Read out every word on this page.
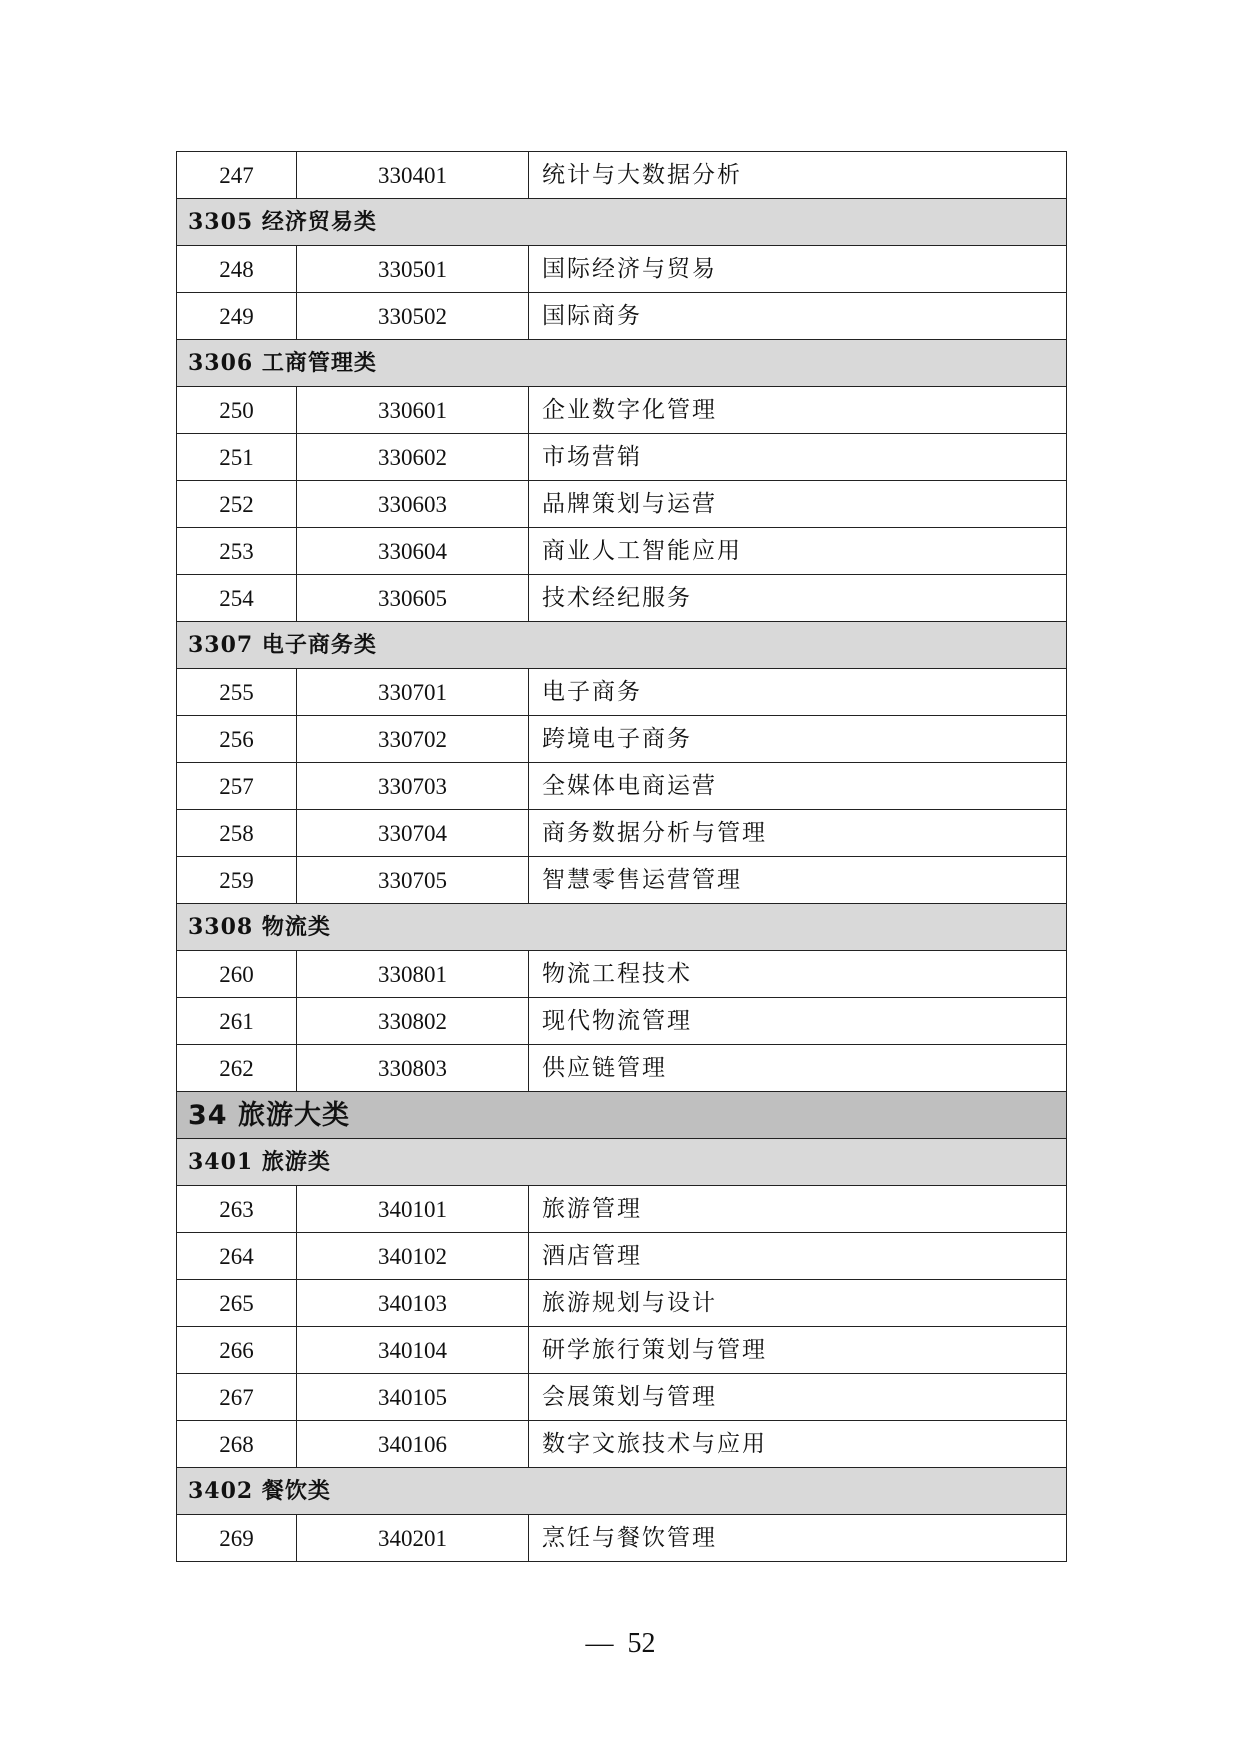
247	330401	统计与大数据分析
3305 经济贸易类		
248	330501	国际经济与贸易
249	330502	国际商务
3306 工商管理类		
250	330601	企业数字化管理
251	330602	市场营销
252	330603	品牌策划与运营
253	330604	商业人工智能应用
254	330605	技术经纪服务
3307 电子商务类		
255	330701	电子商务
256	330702	跨境电子商务
257	330703	全媒体电商运营
258	330704	商务数据分析与管理
259	330705	智慧零售运营管理
3308 物流类		
260	330801	物流工程技术
261	330802	现代物流管理
262	330803	供应链管理
34 旅游大类		
3401 旅游类		
263	340101	旅游管理
264	340102	酒店管理
265	340103	旅游规划与设计
266	340104	研学旅行策划与管理
267	340105	会展策划与管理
268	340106	数字文旅技术与应用
3402 餐饮类		
269	340201	烹饪与餐饮管理
— 52
